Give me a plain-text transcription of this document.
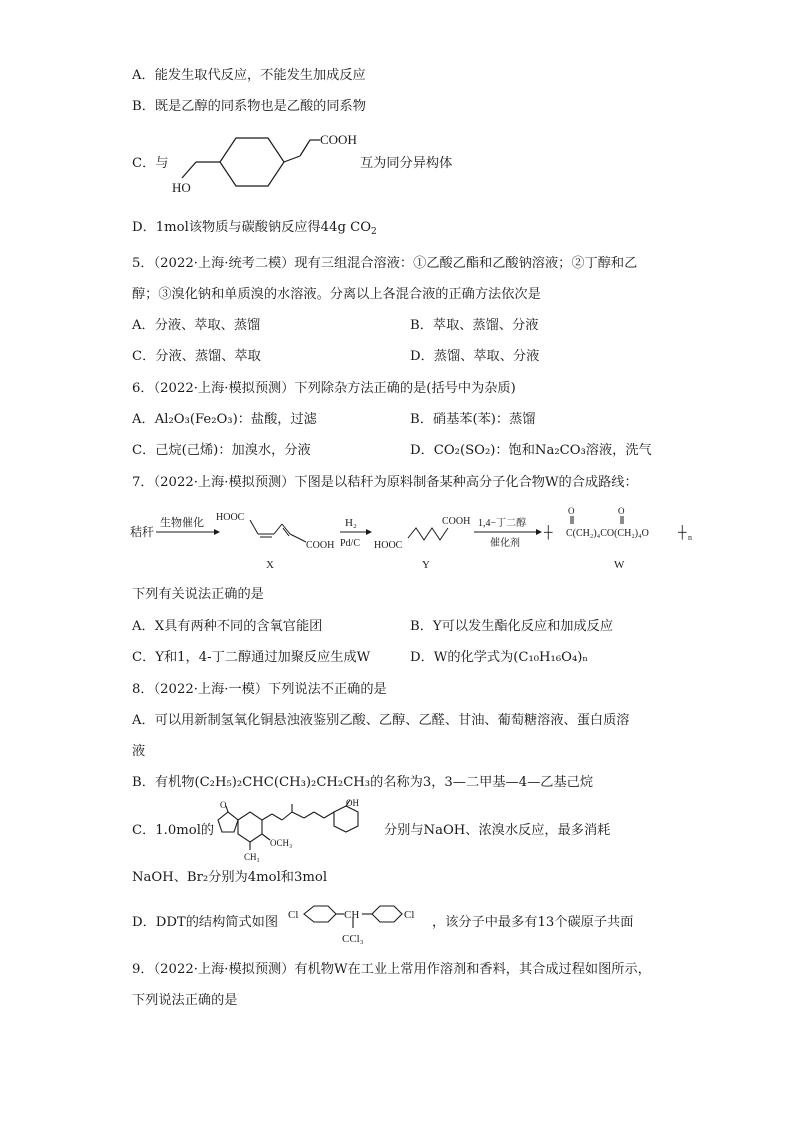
A．能发生取代反应，不能发生加成反应
B．既是乙醇的同系物也是乙酸的同系物
C．与
COOH
HO
互为同分异构体
D．1mol该物质与碳酸钠反应得44g $CO_2$
5．（2022·上海·统考二模）现有三组混合溶液：①乙酸乙酯和乙酸钠溶液；②丁醇和乙
醇；③溴化钠和单质溴的水溶液。分离以上各混合液的正确方法依次是
A．分液、萃取、蒸馏	B．萃取、蒸馏、分液
C．分液、蒸馏、萃取	D．蒸馏、萃取、分液
6．（2022·上海·模拟预测）下列除杂方法正确的是(括号中为杂质)
A．Al₂O₃(Fe₂O₃)：盐酸，过滤	B．硝基苯(苯)：蒸馏
C．己烷(己烯)：加溴水，分液	D．CO₂(SO₂)：饱和Na₂CO₃溶液，洗气
7．（2022·上海·模拟预测）下图是以秸秆为原料制备某种高分子化合物W的合成路线：
秸秆
生物催化 HOOC
COOH
X
H₂
Pd/C HOOC
COOH
Y
1,4−丁二醇
催化剂
┼
O	O
C(CH₂)₄CO(CH₂)₄O ┼ n
W
下列有关说法正确的是
A．X具有两种不同的含氧官能团	B．Y可以发生酯化反应和加成反应
C．Y和1，4-丁二醇通过加聚反应生成W	D．W的化学式为(C₁₀H₁₆O₄)ₙ
8．（2022·上海·一模）下列说法不正确的是
A．可以用新制氢氧化铜悬浊液鉴别乙酸、乙醇、乙醛、甘油、葡萄糖溶液、蛋白质溶
液
B．有机物(C₂H₅)₂CHC(CH₃)₂CH₂CH₃的名称为3，3—二甲基—4—乙基己烷
C．1.0mol的
O	OH
OCH₃
CH₃
分别与NaOH、浓溴水反应，最多消耗
NaOH、Br₂分别为4mol和3mol
D．DDT的结构简式如图 Cl	CH	Cl
CCl₃
，该分子中最多有13个碳原子共面
9．（2022·上海·模拟预测）有机物W在工业上常用作溶剂和香料，其合成过程如图所示，
下列说法正确的是
